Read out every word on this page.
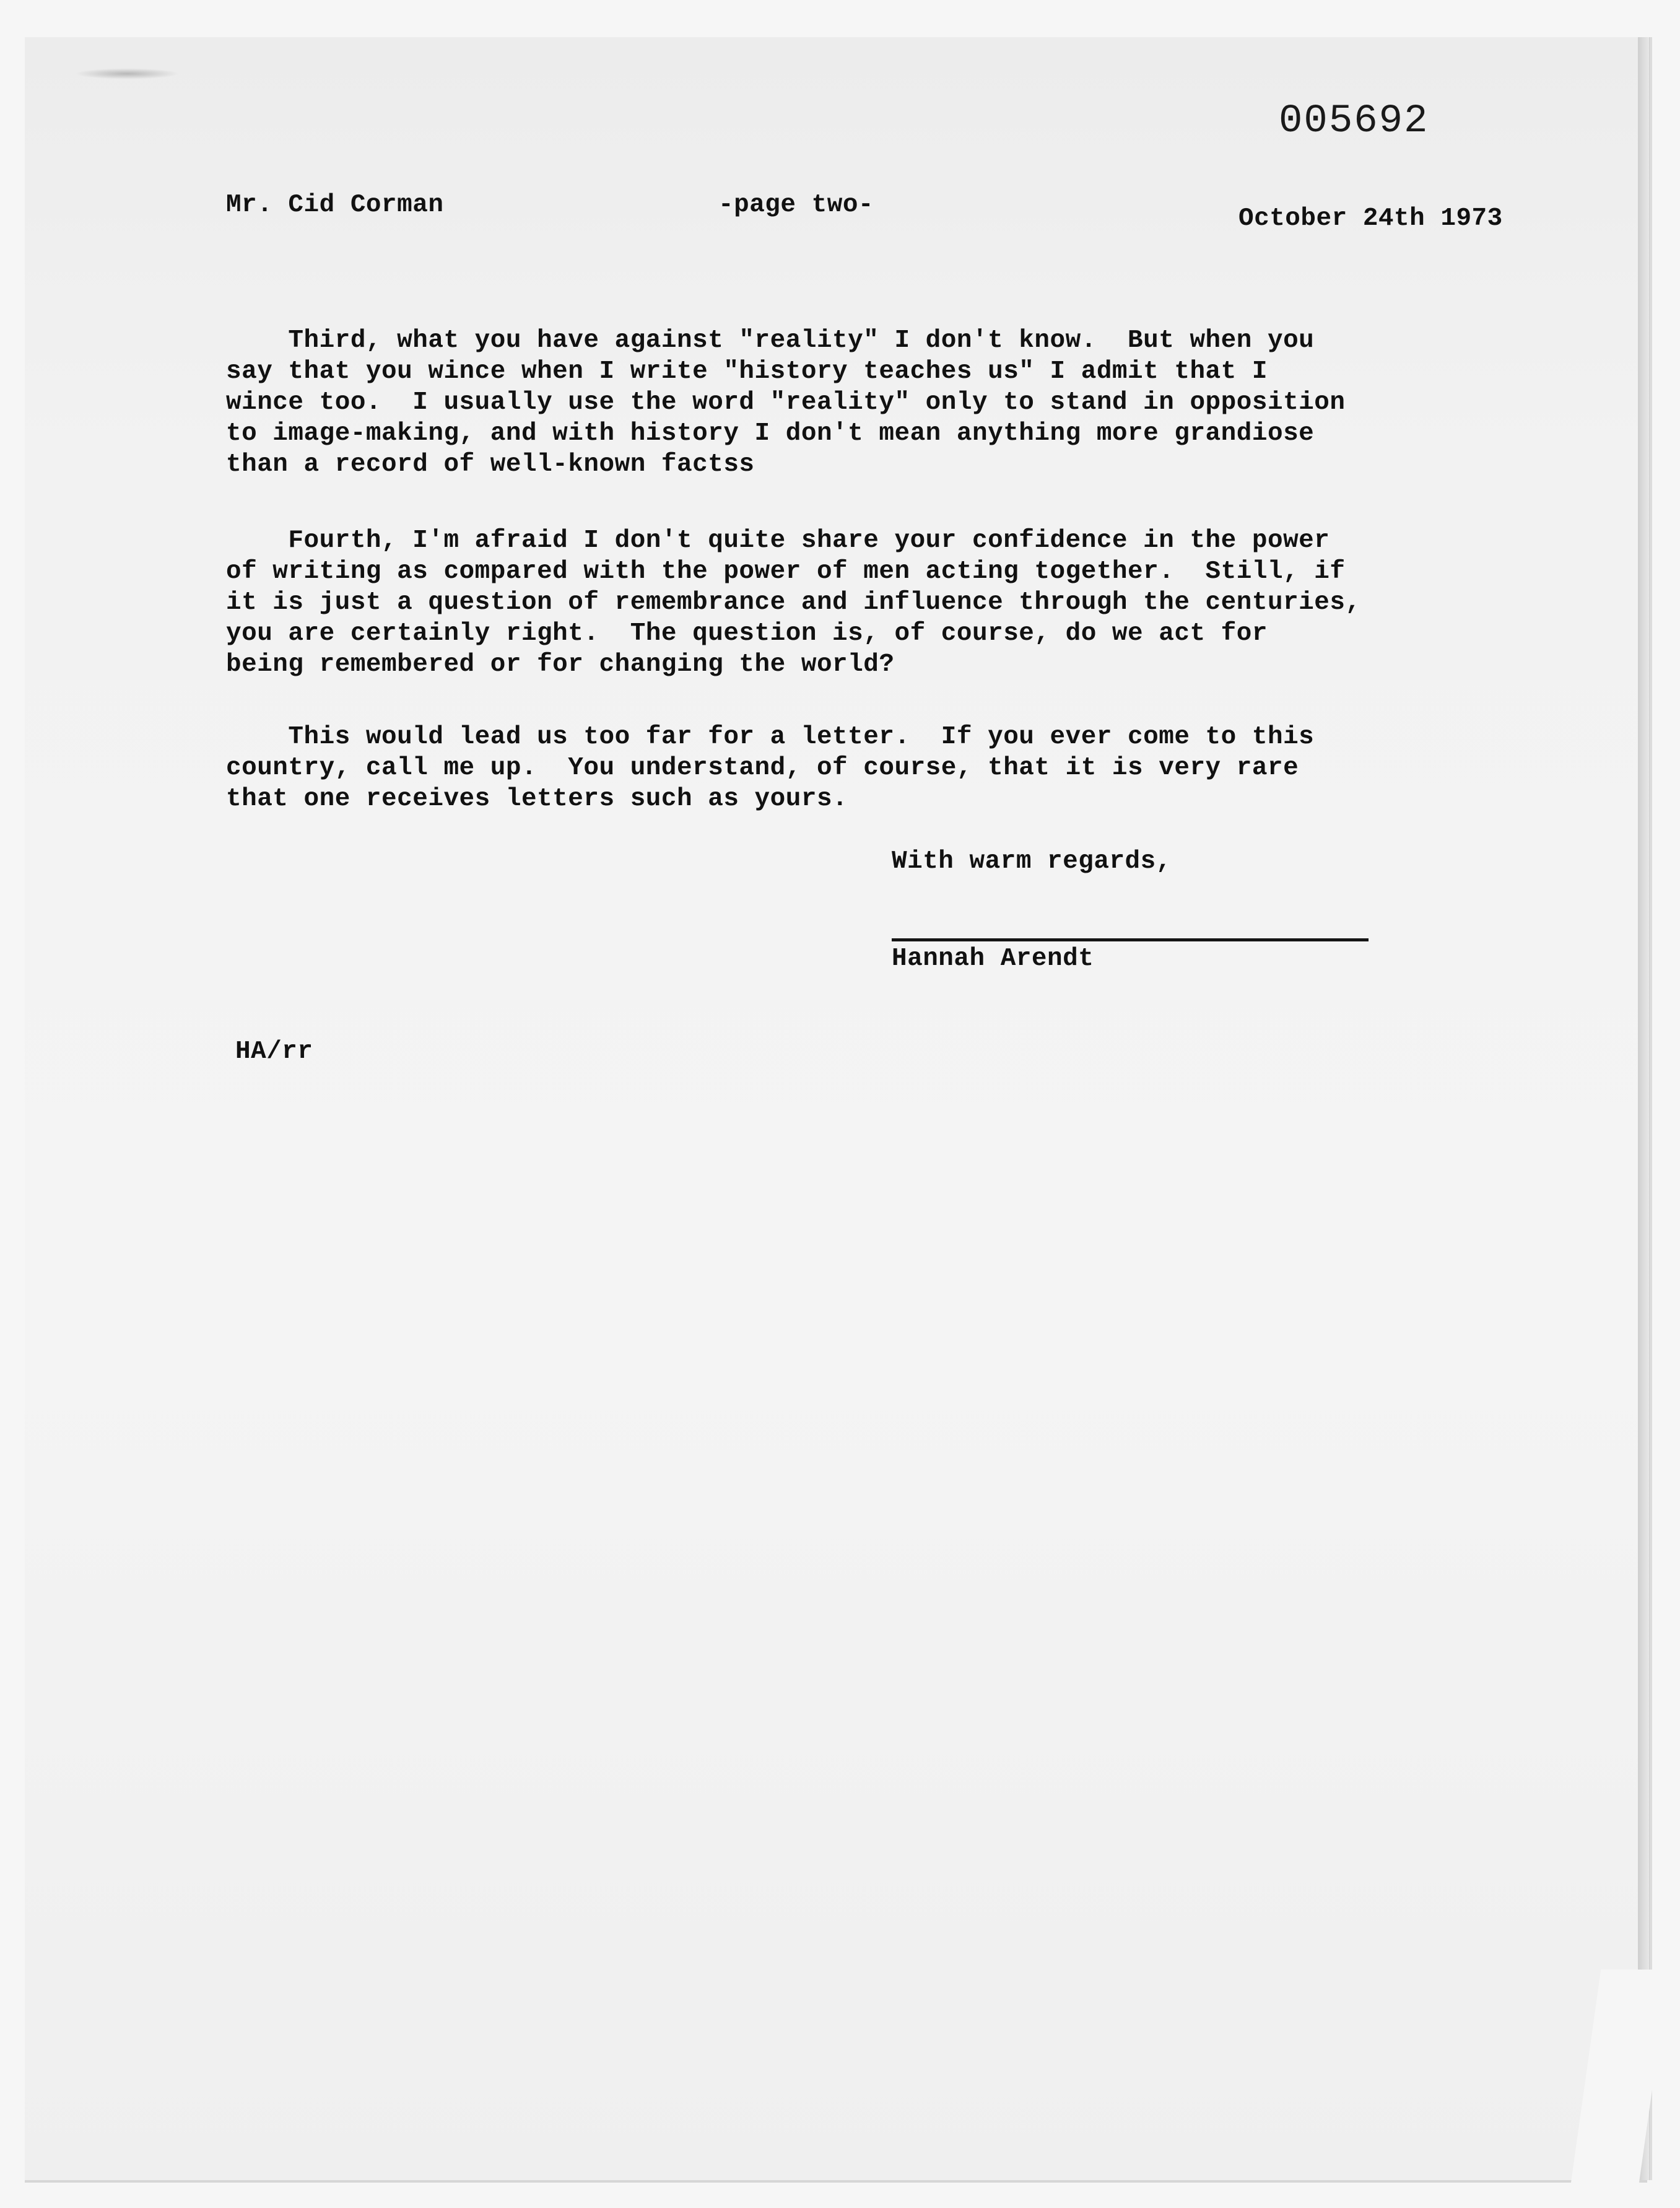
005692
Mr. Cid Corman	-page two-	October 24th 1973
Third, what you have against "reality" I don't know.  But when you
say that you wince when I write "history teaches us" I admit that I
wince too.  I usually use the word "reality" only to stand in opposition
to image-making, and with history I don't mean anything more grandiose
than a record of well-known factss
Fourth, I'm afraid I don't quite share your confidence in the power
of writing as compared with the power of men acting together.  Still, if
it is just a question of remembrance and influence through the centuries,
you are certainly right.  The question is, of course, do we act for
being remembered or for changing the world?
This would lead us too far for a letter.  If you ever come to this
country, call me up.  You understand, of course, that it is very rare
that one receives letters such as yours.
With warm regards,
Hannah Arendt
HA/rr
